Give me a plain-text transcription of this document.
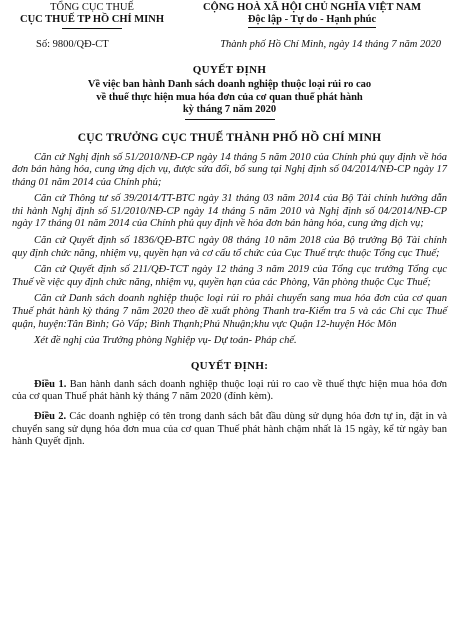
TỔNG CỤC THUẾ
CỤC THUẾ TP HỒ CHÍ MINH
CỘNG HOÀ XÃ HỘI CHỦ NGHĨA VIỆT NAM
Độc lập - Tự do - Hạnh phúc
Số: 9800/QĐ-CT	Thành phố Hồ Chí Minh, ngày 14 tháng 7 năm 2020
QUYẾT ĐỊNH
Về việc ban hành Danh sách doanh nghiệp thuộc loại rủi ro cao
về thuế thực hiện mua hóa đơn của cơ quan thuế phát hành
kỳ tháng 7 năm 2020
CỤC TRƯỞNG CỤC THUẾ THÀNH PHỐ HỒ CHÍ MINH

Căn cứ Nghị định số 51/2010/NĐ-CP ngày 14 tháng 5 năm 2010 của Chính phủ quy định về hóa đơn bán hàng hóa, cung ứng dịch vụ, được sửa đổi, bổ sung tại Nghị định số 04/2014/NĐ-CP ngày 17 tháng 01 năm 2014 của Chính phủ;

Căn cứ Thông tư số 39/2014/TT-BTC ngày 31 tháng 03 năm 2014 của Bộ Tài chính hướng dẫn thi hành Nghị định số 51/2010/NĐ-CP ngày 14 tháng 5 năm 2010 và Nghị định số 04/2014/NĐ-CP ngày 17 tháng 01 năm 2014 của Chính phủ quy định về hóa đơn bán hàng hóa, cung ứng dịch vụ;

Căn cứ Quyết định số 1836/QĐ-BTC ngày 08 tháng 10 năm 2018 của Bộ trưởng Bộ Tài chính quy định chức năng, nhiệm vụ, quyền hạn và cơ cấu tổ chức của Cục Thuế trực thuộc Tổng cục Thuế;

Căn cứ Quyết định số 211/QĐ-TCT ngày 12 tháng 3 năm 2019 của Tổng cục trưởng Tổng cục Thuế về việc quy định chức năng, nhiệm vụ, quyền hạn của các Phòng, Văn phòng thuộc Cục Thuế;

Căn cứ Danh sách doanh nghiệp thuộc loại rủi ro phải chuyển sang mua hóa đơn của cơ quan Thuế phát hành kỳ tháng 7 năm 2020 theo đề xuất phòng Thanh tra-Kiểm tra 5 và các Chi cục Thuế quận, huyện:Tân Bình; Gò Vấp; Bình Thạnh;Phú Nhuận;khu vực Quận 12-huyện Hóc Môn

Xét đề nghị của Trưởng phòng Nghiệp vụ- Dự toán- Pháp chế.

QUYẾT ĐỊNH:

Điều 1. Ban hành danh sách doanh nghiệp thuộc loại rủi ro cao về thuế thực hiện mua hóa đơn của cơ quan Thuế phát hành kỳ tháng 7 năm 2020 (đính kèm).

Điều 2. Các doanh nghiệp có tên trong danh sách bắt đầu dùng sử dụng hóa đơn tự in, đặt in và chuyển sang sử dụng hóa đơn mua của cơ quan Thuế phát hành chậm nhất là 15 ngày, kể từ ngày ban hành Quyết định.
